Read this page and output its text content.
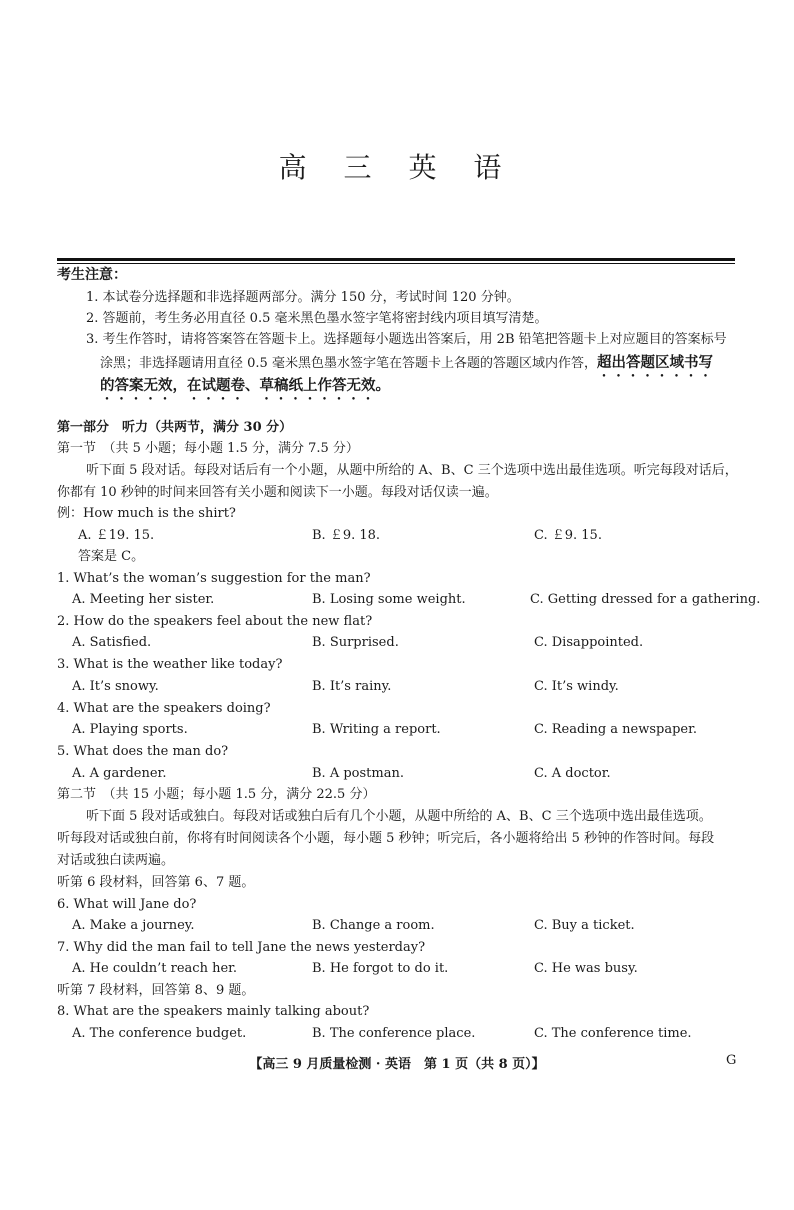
高 三 英 语
考生注意：
1. 本试卷分选择题和非选择题两部分。满分 150 分，考试时间 120 分钟。
2. 答题前，考生务必用直径 0.5 毫米黑色墨水签字笔将密封线内项目填写清楚。
3. 考生作答时，请将答案答在答题卡上。选择题每小题选出答案后，用 2B 铅笔把答题卡上对应题目的答案标号
涂黑；非选择题请用直径 0.5 毫米黑色墨水签字笔在答题卡上各题的答题区域内作答，超出答题区域书写
的答案无效，在试题卷、草稿纸上作答无效。
第一部分　听力（共两节，满分 30 分）
第一节　（共 5 小题；每小题 1.5 分，满分 7.5 分）
听下面 5 段对话。每段对话后有一个小题，从题中所给的 A、B、C 三个选项中选出最佳选项。听完每段对话后，
你都有 10 秒钟的时间来回答有关小题和阅读下一小题。每段对话仅读一遍。
例：How much is the shirt?
A. ￡19. 15.	B. ￡9. 18.	C. ￡9. 15.
答案是 C。
1. What’s the woman’s suggestion for the man?
A. Meeting her sister.	B. Losing some weight.	C. Getting dressed for a gathering.
2. How do the speakers feel about the new flat?
A. Satisfied.	B. Surprised.	C. Disappointed.
3. What is the weather like today?
A. It’s snowy.	B. It’s rainy.	C. It’s windy.
4. What are the speakers doing?
A. Playing sports.	B. Writing a report.	C. Reading a newspaper.
5. What does the man do?
A. A gardener.	B. A postman.	C. A doctor.
第二节　（共 15 小题；每小题 1.5 分，满分 22.5 分）
听下面 5 段对话或独白。每段对话或独白后有几个小题，从题中所给的 A、B、C 三个选项中选出最佳选项。
听每段对话或独白前，你将有时间阅读各个小题，每小题 5 秒钟；听完后，各小题将给出 5 秒钟的作答时间。每段
对话或独白读两遍。
听第 6 段材料，回答第 6、7 题。
6. What will Jane do?
A. Make a journey.	B. Change a room.	C. Buy a ticket.
7. Why did the man fail to tell Jane the news yesterday?
A. He couldn’t reach her.	B. He forgot to do it.	C. He was busy.
听第 7 段材料，回答第 8、9 题。
8. What are the speakers mainly talking about?
A. The conference budget.	B. The conference place.	C. The conference time.
【高三 9 月质量检测 · 英语　第 1 页（共 8 页）】	G
